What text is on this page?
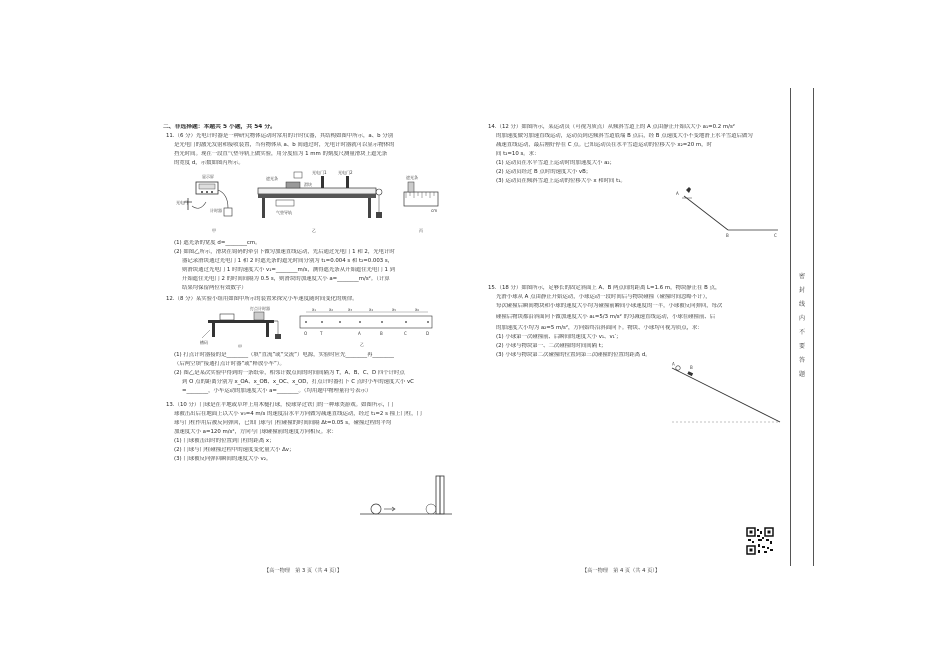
二、非选择题：本题共 5 小题，共 54 分。
11.（6 分）光电计时器是一种研究物体运动时常用的计时仪器，其结构如图甲所示，a、b 分别
是光电门的激光发射和接收装置，当有物体从 a、b 间通过时，光电计时器就可以显示物体的
挡光时间。现在一段直气垫导轨上做实验，用分度值为 1 mm 的刻度尺测量滑块上遮光条
的宽度 d，示数如图丙所示。
显示屏
光电门
计时器
甲
光电门1	光电门2
遮光条
滑块
气垫导轨
乙
遮光条
cm
丙
(1) 遮光条的宽度 d=________cm。
(2) 如图乙所示，滑块在钩码的牵引下做匀加速直线运动，先后通过光电门 1 和 2，光电计时
器记录滑块通过光电门 1 和 2 时遮光条的遮光时间分别为 t₁=0.004 s 和 t₂=0.003 s，
则滑块通过光电门 1 时的速度大小 v₁=________m/s，测得遮光条从开始遮住光电门 1 到
开始遮住光电门 2 的时间间隔为 0.5 s，则滑块的加速度大小 a=________m/s²。（计算
结果均保留两位有效数字）
12.（8 分）某实验小组用如图甲所示的装置来探究小车速度随时间变化的规律。
打点计时器
槽码
甲
x₁	x₂	x₃	x₄	x₅	x₆
O	T	A	B	C	D
乙
(1) 打点计时器接的是________（填“直流”或“交流”）电源，实验时应先________再________
（后两空填“接通打点计时器”或“释放小车”）。
(2) 图乙是某次实验中得到的一条纸带，相邻计数点间的时间间隔为 T，A、B、C、D 四个计时点
到 O 点的距离分别为 x_OA、x_OB、x_OC、x_OD，打点计时器打下 C 点时小车的速度大小 vC
=________，小车运动的加速度大小 a=________。（均用题中物理量符号表示）
13.（10 分）门球是在平地或草坪上用木槌打球，使球穿过铁门的一种球类游戏。如图所示，门
球被击出后在地面上以大小 v₀=4 m/s 的速度沿水平方向做匀减速直线运动，经过 t₁=2 s 撞上门柱，门
球与门柱作用后被反向弹回，已知门球与门柱碰撞的时间间隔 Δt=0.05 s，碰撞过程的平均
加速度大小 a=120 m/s²，方向与门球碰撞前的速度方向相反。求：
(1) 门球被击出时的位置到门柱的距离 x；
(2) 门球与门柱碰撞过程中的速度变化量大小 Δv；
(3) 门球被反向弹回瞬间的速度大小 v₂。
【高一物理　第 3 页（共 4 页）】
14.（12 分）如图所示，某运动员（可视为质点）从倾斜雪道上的 A 点由静止开始以大小 a₁=0.2 m/s²
的加速度做匀加速直线运动，运动员到达倾斜雪道底端 B 点后，经 B 点速度大小不变地滑上水平雪道后做匀
减速直线运动，最后刚好停在 C 点。已知运动员在水平雪道运动的位移大小 x₂=20 m，时
间 t₂=10 s。求：
(1) 运动员在水平雪道上运动时的加速度大小 a₂；
(2) 运动员经过 B 点时的速度大小 vB；
(3) 运动员在倾斜雪道上运动的位移大小 x 和时间 t₁。
A
B	C
15.（18 分）如图所示，足够长的固定斜面上 A、B 两点间的距离 L=1.6 m，物块静止在 B 点，
光滑小球从 A 点由静止开始运动，小球运动一段时间后与物块碰撞（碰撞时间忽略不计），
每次碰撞后瞬间物块和小球的速度大小均为碰撞前瞬间小球速度的一半，小球被反向弹回，每次
碰撞后物块都沿斜面向下做加速度大小 a₁=5/3 m/s² 的匀减速直线运动，小球在碰撞前、后
的加速度大小均为 a₂=5 m/s²，方向始终沿斜面向下。物块、小球均可视为质点，求：
(1) 小球第一次碰撞前、后瞬间的速度大小 v₁、v₁′；
(2) 小球与物块第一、二次碰撞的时间间隔 t；
(3) 小球与物块第二次碰撞的位置到第三次碰撞的位置的距离 d。
A
B
【高一物理　第 4 页（共 4 页）】
密 封 线 内 不 要 答 题
